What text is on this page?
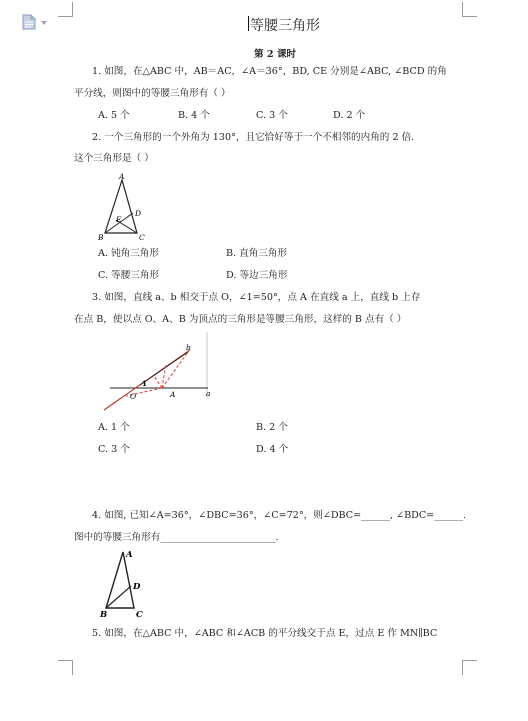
等腰三角形
第 2 课时
1. 如图，在△ABC 中，AB＝AC，∠A＝36°，BD, CE 分别是∠ABC, ∠BCD 的角
平分线，则图中的等腰三角形有（ ）
A. 5 个	B. 4 个	C. 3 个	D. 2 个
2. 一个三角形的一个外角为 130°，且它恰好等于一个不相邻的内角的 2 倍.
这个三角形是（ ）
A
D
E
B	C
A. 钝角三角形	B. 直角三角形
C. 等腰三角形	D. 等边三角形
3. 如图，直线 a、b 相交于点 O，∠1=50°，点 A 在直线 a 上，直线 b 上存
在点 B，使以点 O、A、B 为顶点的三角形是等腰三角形，这样的 B 点有（ ）
b
1
O	A	a
A. 1 个	B. 2 个
C. 3 个	D. 4 个
4. 如图, 已知∠A=36°，∠DBC=36°，∠C=72°，则∠DBC=______, ∠BDC=______.
图中的等腰三角形有________________________.
A
D
B	C
5. 如图，在△ABC 中，∠ABC 和∠ACB 的平分线交于点 E，过点 E 作 MN∥BC
